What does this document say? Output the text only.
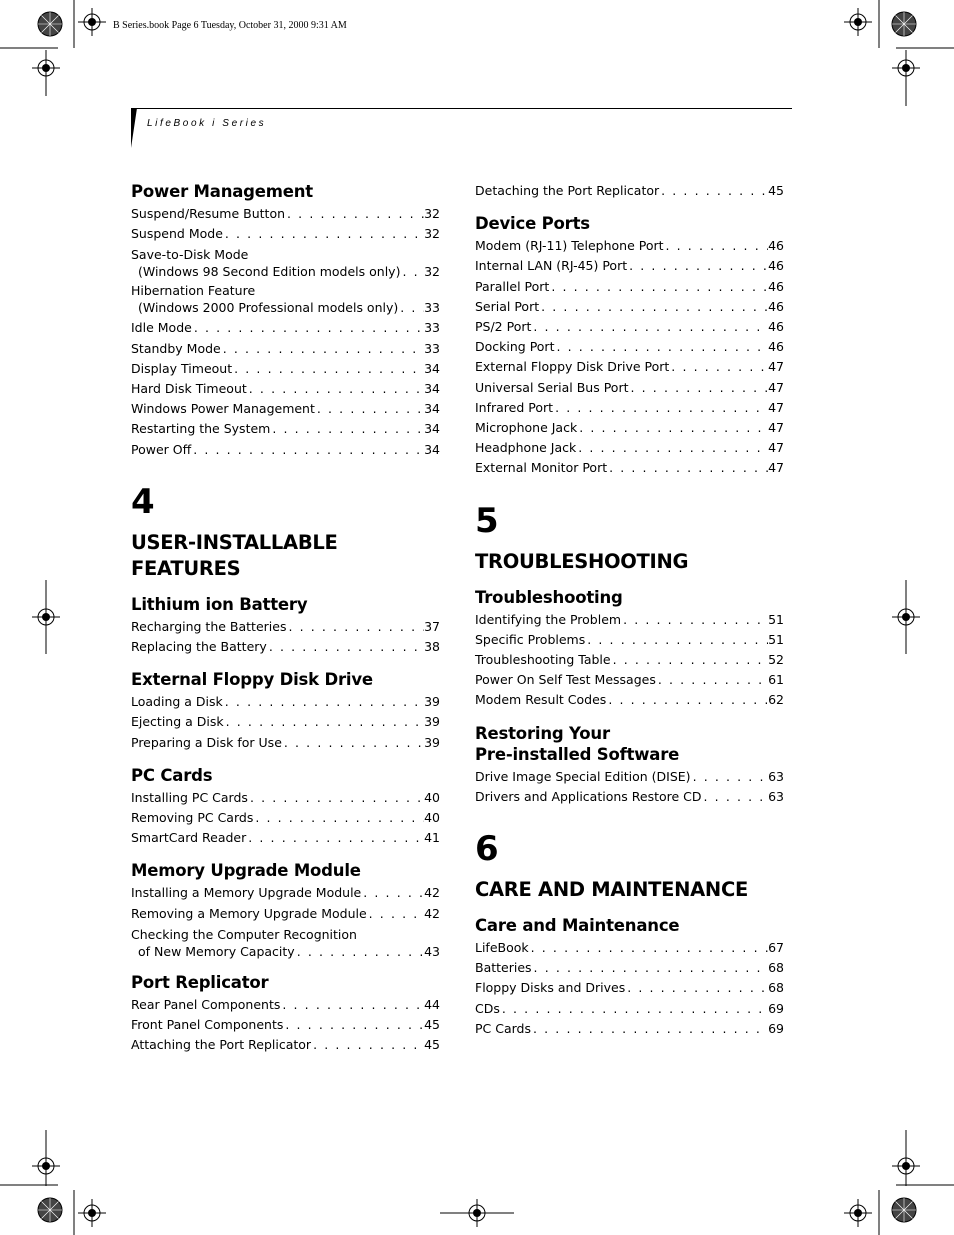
B Series.book Page 6 Tuesday, October 31, 2000 9:31 AM
LifeBook i Series
Power Management
Suspend/Resume Button . . .	32
Suspend Mode . . .	32
Save-to-Disk Mode
(Windows 98 Second Edition models only) . . . 32
Hibernation Feature
(Windows 2000 Professional models only) . . . 33
Idle Mode . . .	33
Standby Mode . . .	33
Display Timeout . . .	34
Hard Disk Timeout . . .	34
Windows Power Management . . .	34
Restarting the System . . .	34
Power Off . . .	34
4
USER-INSTALLABLE FEATURES
Lithium ion Battery
Recharging the Batteries . . .	37
Replacing the Battery . . .	38
External Floppy Disk Drive
Loading a Disk . . .	39
Ejecting a Disk . . .	39
Preparing a Disk for Use . . .	39
PC Cards
Installing PC Cards . . .	40
Removing PC Cards . . .	40
SmartCard Reader . . .	41
Memory Upgrade Module
Installing a Memory Upgrade Module . . .	42
Removing a Memory Upgrade Module . . .	42
Checking the Computer Recognition
of New Memory Capacity . . .	43
Port Replicator
Rear Panel Components . . .	44
Front Panel Components . . .	45
Attaching the Port Replicator . . .	45
Detaching the Port Replicator . . .	45
Device Ports
Modem (RJ-11) Telephone Port . . .	46
Internal LAN (RJ-45) Port . . .	46
Parallel Port . . .	46
Serial Port . . .	46
PS/2 Port . . .	46
Docking Port . . .	46
External Floppy Disk Drive Port . . .	47
Universal Serial Bus Port . . .	47
Infrared Port . . .	47
Microphone Jack . . .	47
Headphone Jack . . .	47
External Monitor Port . . .	47
5
TROUBLESHOOTING
Troubleshooting
Identifying the Problem . . .	51
Specific Problems . . .	51
Troubleshooting Table . . .	52
Power On Self Test Messages . . .	61
Modem Result Codes . . .	62
Restoring Your
Pre-installed Software
Drive Image Special Edition (DISE) . . .	63
Drivers and Applications Restore CD . . .	63
6
CARE AND MAINTENANCE
Care and Maintenance
LifeBook . . .	67
Batteries . . .	68
Floppy Disks and Drives . . .	68
CDs . . .	69
PC Cards . . .	69
